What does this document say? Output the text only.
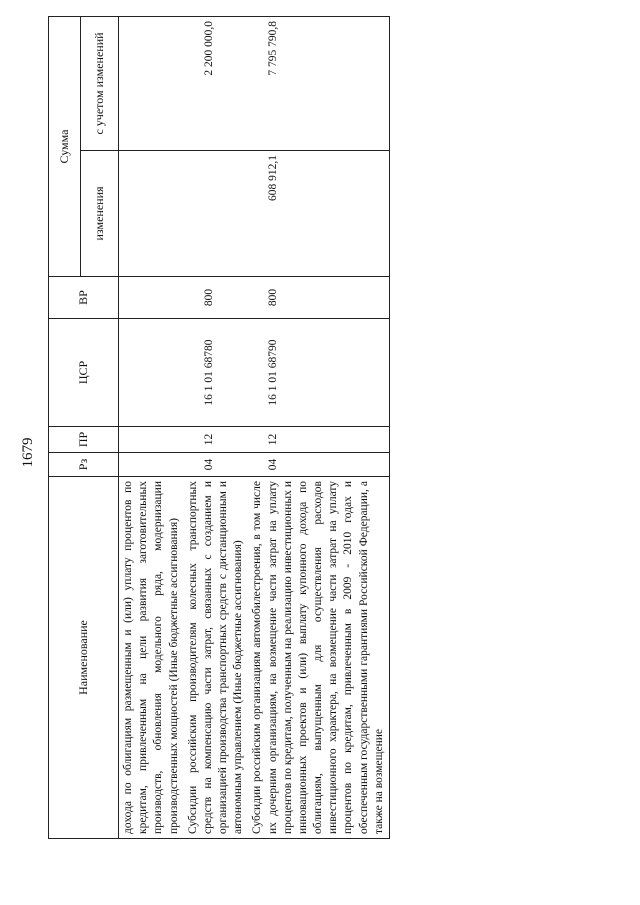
1679
Наименование	Рз	ПР	ЦСР	ВР	Сумма	
					изменения	с учетом изменений
дохода по облигациям размещенным и (или) уплату процентов по кредитам, привлеченным на цели развития заготовительных производств, обновления модельного ряда, модернизации производственных мощностей (Иные бюджетные ассигнования)						
Субсидии российским производителям колесных транспортных средств на компенсацию части затрат, связанных с созданием и организацией производства транспортных средств с дистанционным и автономным управлением (Иные бюджетные ассигнования)	04	12	16 1 01 68780	800		2 200 000,0
Субсидии российским организациям автомобилестроения, в том числе их дочерним организациям, на возмещение части затрат на уплату процентов по кредитам, полученным на реализацию инвестиционных и инновационных проектов и (или) выплату купонного дохода по облигациям, выпущенным для осуществления расходов инвестиционного характера, на возмещение части затрат на уплату процентов по кредитам, привлеченным в 2009 - 2010 годах и обеспеченным государственными гарантиями Российской Федерации, а также на возмещение	04	12	16 1 01 68790	800	608 912,1	7 795 790,8
